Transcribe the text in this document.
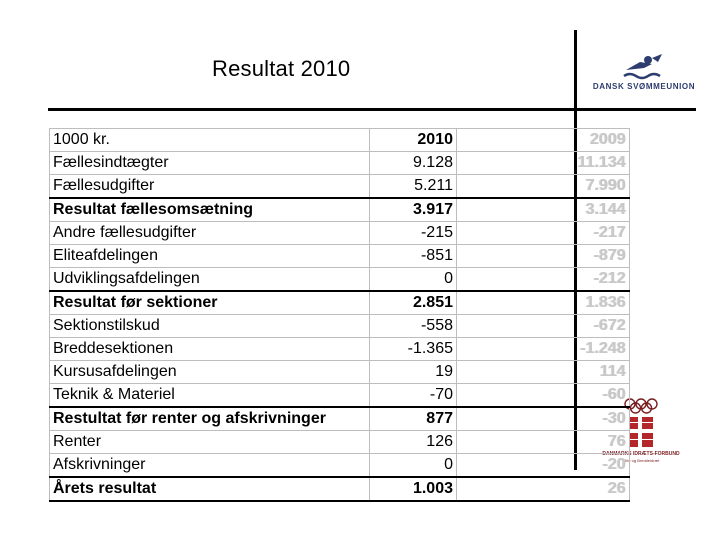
Resultat 2010
DANSK SVØMMEUNION
DANMARKS IDRÆTS-FORBUND
Elite og Breddeidræt
1000 kr.	2010	2009
Fællesindtægter	9.128	11.134
Fællesudgifter	5.211	7.990
Resultat fællesomsætning	3.917	3.144
Andre fællesudgifter	-215	-217
Eliteafdelingen	-851	-879
Udviklingsafdelingen	0	-212
Resultat før sektioner	2.851	1.836
Sektionstilskud	-558	-672
Breddesektionen	-1.365	-1.248
Kursusafdelingen	19	114
Teknik & Materiel	-70	-60
Restultat før renter og afskrivninger	877	-30
Renter	126	76
Afskrivninger	0	-20
Årets resultat	1.003	26
